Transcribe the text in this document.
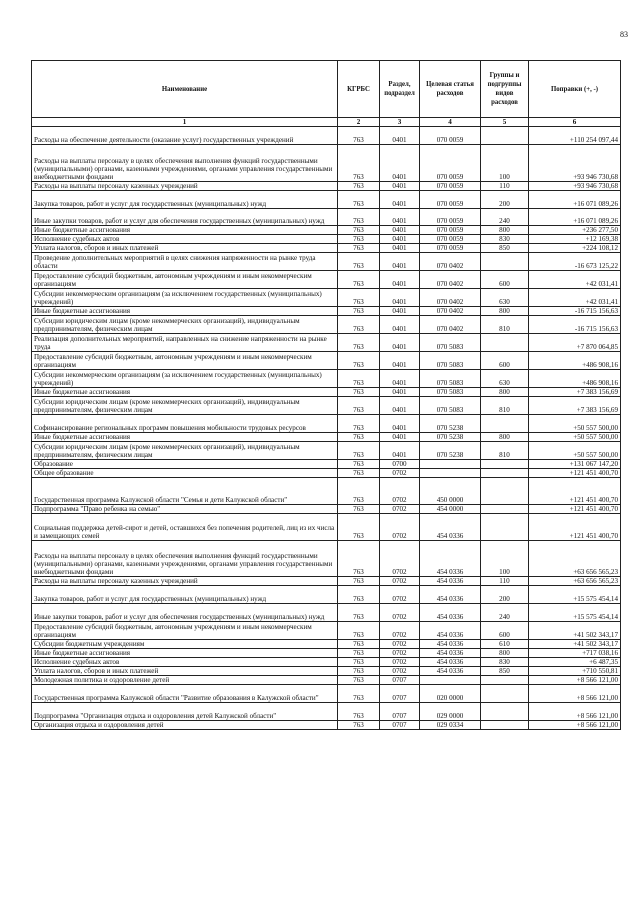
83
Наименование	КГРБС	Раздел, подраздел	Целевая статья расходов	Группы и подгруппы видов расходов	Поправки (+, -)
1	2	3	4	5	6
Расходы на обеспечение деятельности (оказание услуг) государственных учреждений	763	0401	070 0059		+110 254 097,44
Расходы на выплаты персоналу в целях обеспечения выполнения функций государственными (муниципальными) органами, казенными учреждениями, органами управления государственными внебюджетными фондами	763	0401	070 0059	100	+93 946 730,68
Расходы на выплаты персоналу казенных учреждений	763	0401	070 0059	110	+93 946 730,68
Закупка товаров, работ и услуг для государственных (муниципальных) нужд	763	0401	070 0059	200	+16 071 089,26
Иные закупки товаров, работ и услуг для обеспечения государственных (муниципальных) нужд	763	0401	070 0059	240	+16 071 089,26
Иные бюджетные ассигнования	763	0401	070 0059	800	+236 277,50
Исполнение судебных актов	763	0401	070 0059	830	+12 169,38
Уплата налогов, сборов и иных платежей	763	0401	070 0059	850	+224 108,12
Проведение дополнительных мероприятий в целях снижения напряженности на рынке труда области	763	0401	070 0402		-16 673 125,22
Предоставление субсидий бюджетным, автономным учреждениям и иным некоммерческим организациям	763	0401	070 0402	600	+42 031,41
Субсидии некоммерческим организациям (за исключением государственных (муниципальных) учреждений)	763	0401	070 0402	630	+42 031,41
Иные бюджетные ассигнования	763	0401	070 0402	800	-16 715 156,63
Субсидии юридическим лицам (кроме некоммерческих организаций), индивидуальным предпринимателям, физическим лицам	763	0401	070 0402	810	-16 715 156,63
Реализация дополнительных мероприятий, направленных на снижение напряженности на рынке труда	763	0401	070 5083		+7 870 064,85
Предоставление субсидий бюджетным, автономным учреждениям и иным некоммерческим организациям	763	0401	070 5083	600	+486 908,16
Субсидии некоммерческим организациям (за исключением государственных (муниципальных) учреждений)	763	0401	070 5083	630	+486 908,16
Иные бюджетные ассигнования	763	0401	070 5083	800	+7 383 156,69
Субсидии юридическим лицам (кроме некоммерческих организаций), индивидуальным предпринимателям, физическим лицам	763	0401	070 5083	810	+7 383 156,69
Софинансирование региональных программ повышения мобильности трудовых ресурсов	763	0401	070 5238		+50 557 500,00
Иные бюджетные ассигнования	763	0401	070 5238	800	+50 557 500,00
Субсидии юридическим лицам (кроме некоммерческих организаций), индивидуальным предпринимателям, физическим лицам	763	0401	070 5238	810	+50 557 500,00
Образование	763	0700			+131 067 147,20
Общее образование	763	0702			+121 451 400,70
Государственная программа Калужской области "Семья и дети Калужской области"	763	0702	450 0000		+121 451 400,70
Подпрограмма "Право ребенка на семью"	763	0702	454 0000		+121 451 400,70
Социальная поддержка детей-сирот и детей, оставшихся без попечения родителей, лиц из их числа и замещающих семей	763	0702	454 0336		+121 451 400,70
Расходы на выплаты персоналу в целях обеспечения выполнения функций государственными (муниципальными) органами, казенными учреждениями, органами управления государственными внебюджетными фондами	763	0702	454 0336	100	+63 656 565,23
Расходы на выплаты персоналу казенных учреждений	763	0702	454 0336	110	+63 656 565,23
Закупка товаров, работ и услуг для государственных (муниципальных) нужд	763	0702	454 0336	200	+15 575 454,14
Иные закупки товаров, работ и услуг для обеспечения государственных (муниципальных) нужд	763	0702	454 0336	240	+15 575 454,14
Предоставление субсидий бюджетным, автономным учреждениям и иным некоммерческим организациям	763	0702	454 0336	600	+41 502 343,17
Субсидии бюджетным учреждениям	763	0702	454 0336	610	+41 502 343,17
Иные бюджетные ассигнования	763	0702	454 0336	800	+717 038,16
Исполнение судебных актов	763	0702	454 0336	830	+6 487,35
Уплата налогов, сборов и иных платежей	763	0702	454 0336	850	+710 550,81
Молодежная политика и оздоровление детей	763	0707			+8 566 121,00
Государственная программа Калужской области "Развитие образования в Калужской области"	763	0707	020 0000		+8 566 121,00
Подпрограмма "Организация отдыха и оздоровления детей Калужской области"	763	0707	029 0000		+8 566 121,00
Организация отдыха и оздоровления детей	763	0707	029 0334		+8 566 121,00
